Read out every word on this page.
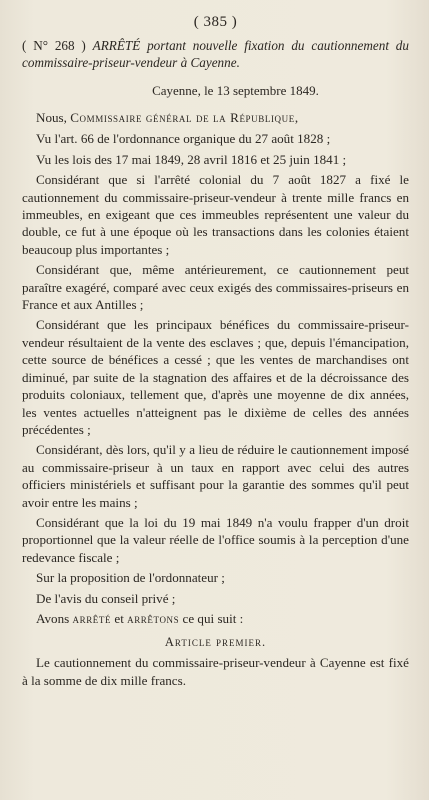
( 385 )
( N° 268 ) ARRÊTÉ portant nouvelle fixation du cautionnement du commissaire-priseur-vendeur à Cayenne.
Cayenne, le 13 septembre 1849.

Nous, Commissaire général de la République,

Vu l'art. 66 de l'ordonnance organique du 27 août 1828 ;

Vu les lois des 17 mai 1849, 28 avril 1816 et 25 juin 1841 ;

Considérant que si l'arrêté colonial du 7 août 1827 a fixé le cautionnement du commissaire-priseur-vendeur à trente mille francs en immeubles, en exigeant que ces immeubles représentent une valeur du double, ce fut à une époque où les transactions dans les colonies étaient beaucoup plus importantes ;

Considérant que, même antérieurement, ce cautionnement peut paraître exagéré, comparé avec ceux exigés des commissaires-priseurs en France et aux Antilles ;

Considérant que les principaux bénéfices du commissaire-priseur-vendeur résultaient de la vente des esclaves ; que, depuis l'émancipation, cette source de bénéfices a cessé ; que les ventes de marchandises ont diminué, par suite de la stagnation des affaires et de la décroissance des produits coloniaux, tellement que, d'après une moyenne de dix années, les ventes actuelles n'atteignent pas le dixième de celles des années précédentes ;

Considérant, dès lors, qu'il y a lieu de réduire le cautionnement imposé au commissaire-priseur à un taux en rapport avec celui des autres officiers ministériels et suffisant pour la garantie des sommes qu'il peut avoir entre les mains ;

Considérant que la loi du 19 mai 1849 n'a voulu frapper d'un droit proportionnel que la valeur réelle de l'office soumis à la perception d'une redevance fiscale ;

Sur la proposition de l'ordonnateur ;

De l'avis du conseil privé ;

Avons arrêté et arrêtons ce qui suit :

Article premier.

Le cautionnement du commissaire-priseur-vendeur à Cayenne est fixé à la somme de dix mille francs.
